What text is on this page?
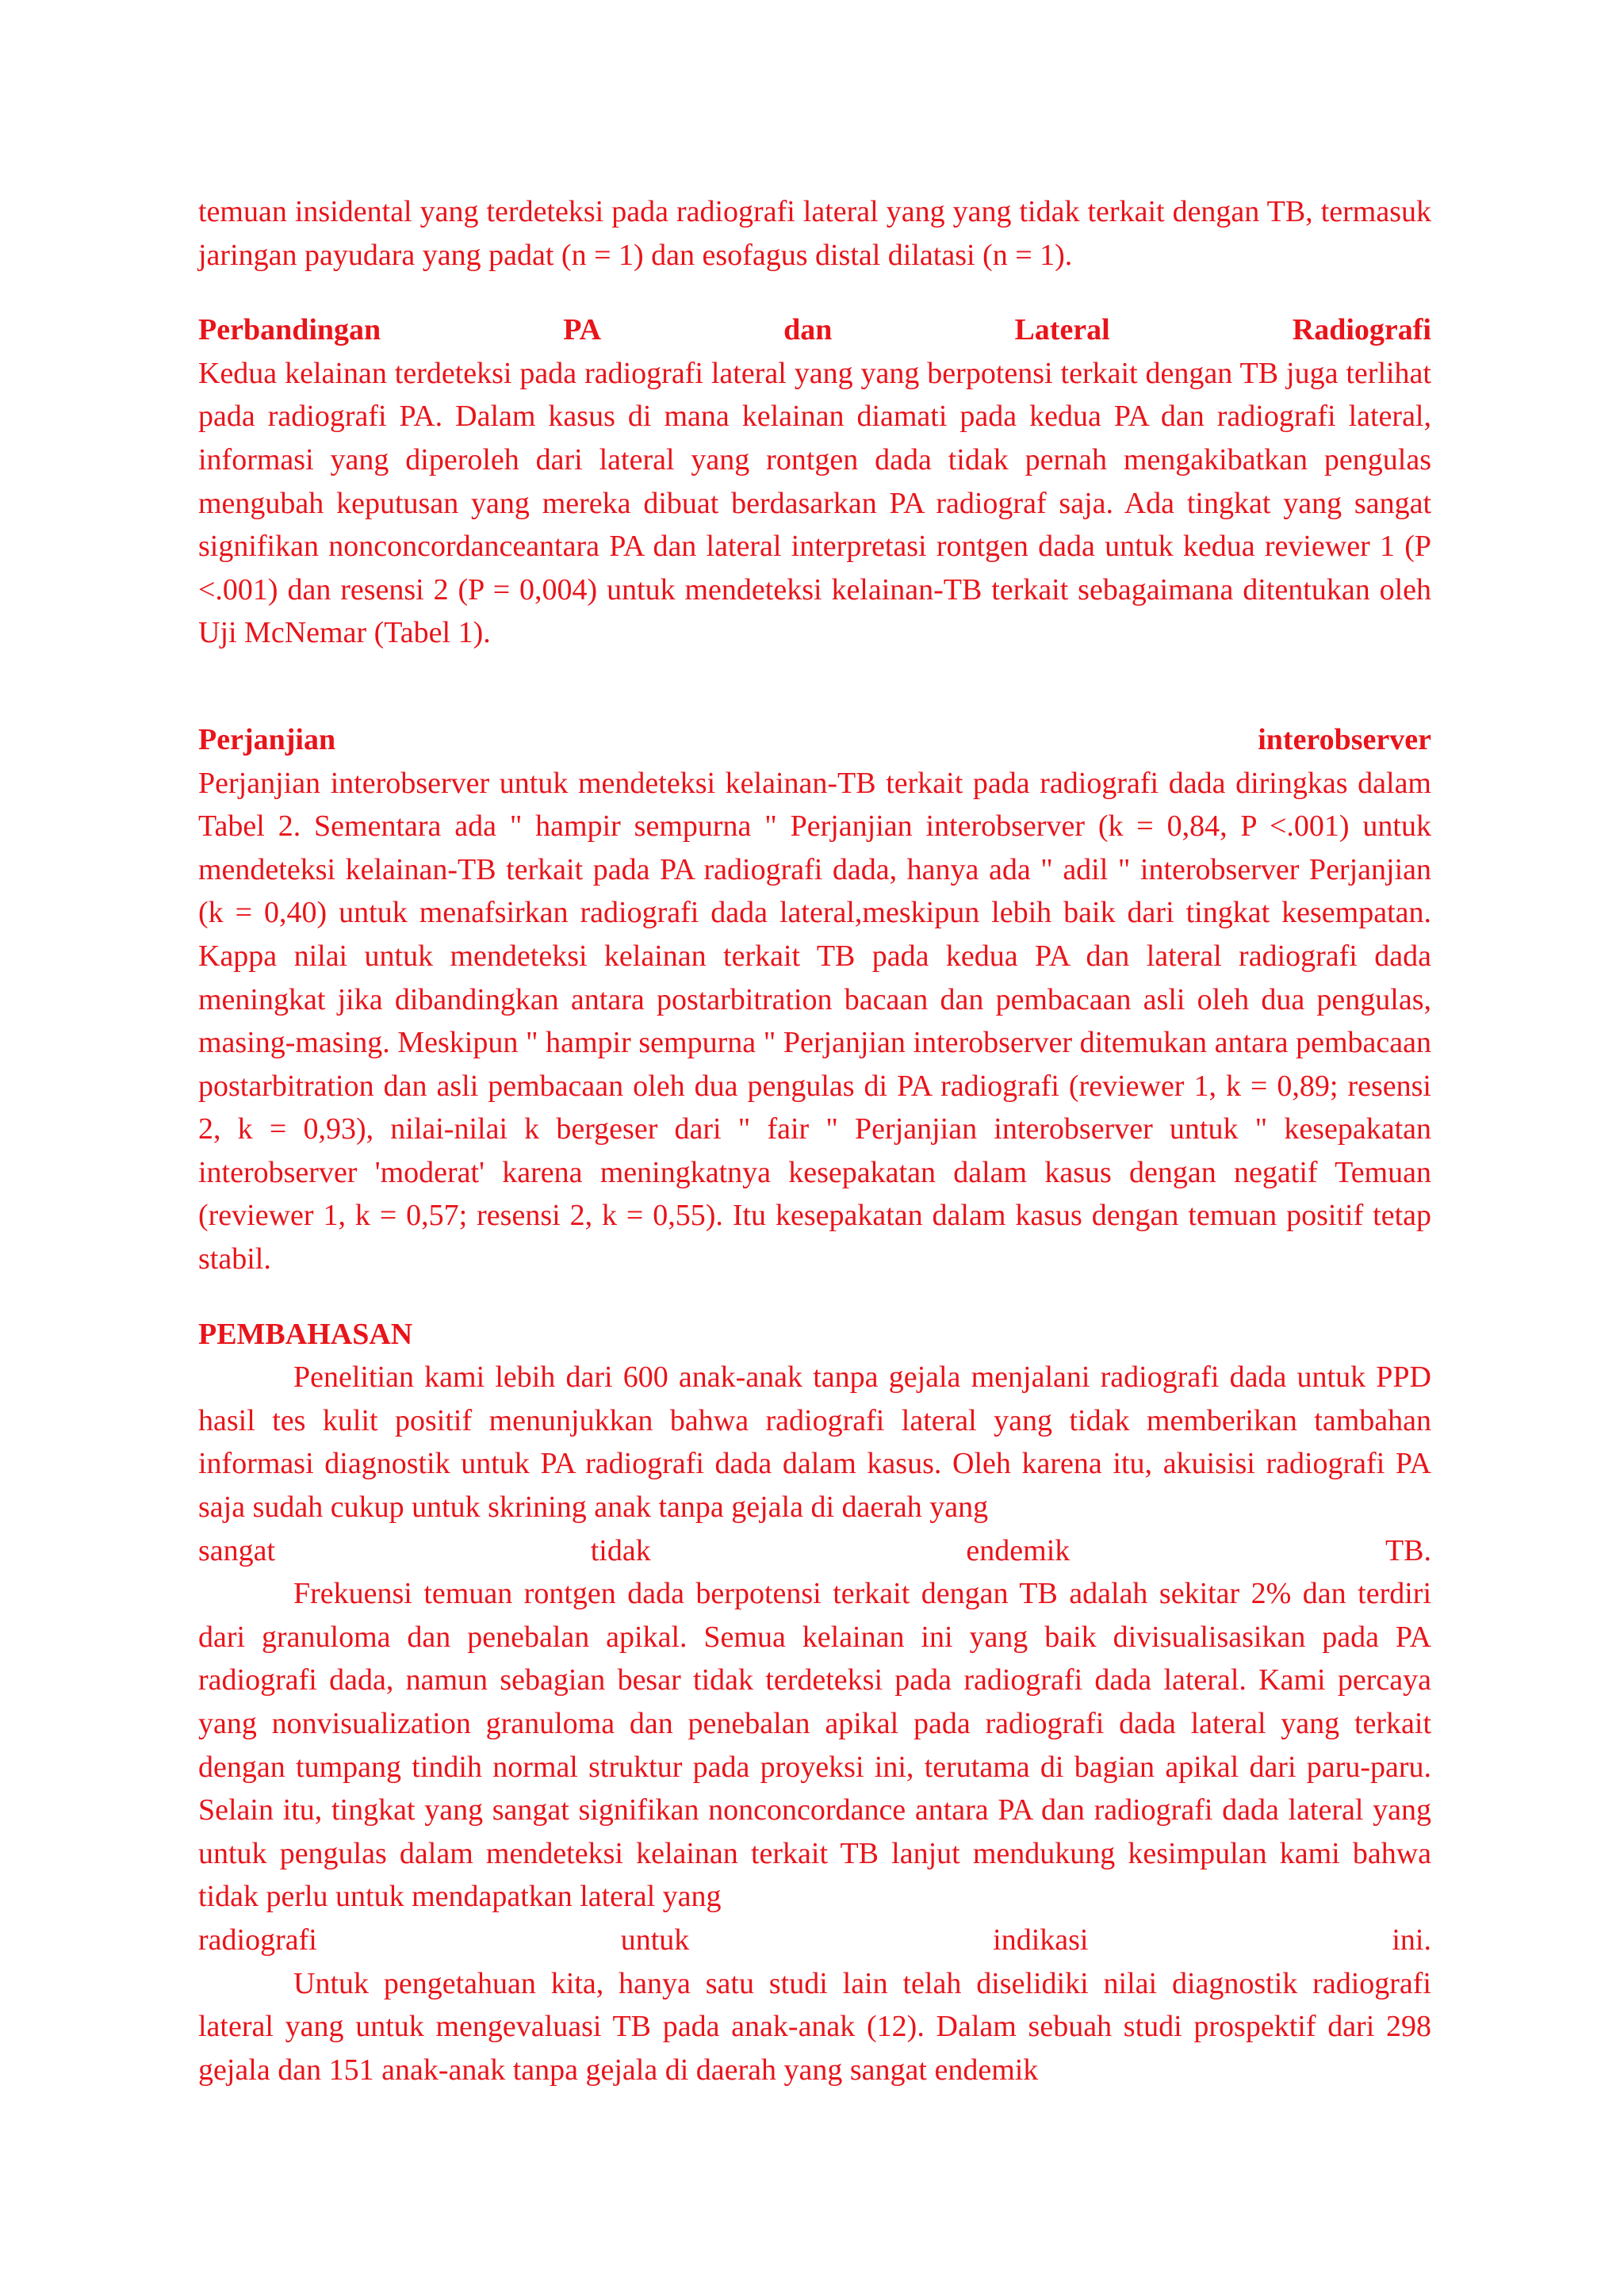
temuan insidental yang terdeteksi pada radiografi lateral yang yang tidak terkait dengan TB, termasuk jaringan payudara yang padat (n = 1) dan esofagus distal dilatasi (n = 1).

Perbandingan	PA	dan	Lateral	Radiografi

Kedua kelainan terdeteksi pada radiografi lateral yang yang berpotensi terkait dengan TB juga terlihat pada radiografi PA. Dalam kasus di mana kelainan diamati pada kedua PA dan radiografi lateral, informasi yang diperoleh dari lateral yang rontgen dada tidak pernah mengakibatkan pengulas mengubah keputusan yang mereka dibuat berdasarkan PA radiograf saja. Ada tingkat yang sangat signifikan nonconcordanceantara PA dan lateral interpretasi rontgen dada untuk kedua reviewer 1 (P <.001) dan resensi 2 (P = 0,004) untuk mendeteksi kelainan-TB terkait sebagaimana ditentukan oleh Uji McNemar (Tabel 1).

Perjanjian	interobserver

Perjanjian interobserver untuk mendeteksi kelainan-TB terkait pada radiografi dada diringkas dalam Tabel 2. Sementara ada " hampir sempurna " Perjanjian interobserver (k = 0,84, P <.001) untuk mendeteksi kelainan-TB terkait pada PA radiografi dada, hanya ada " adil " interobserver Perjanjian (k = 0,40) untuk menafsirkan radiografi dada lateral,meskipun lebih baik dari tingkat kesempatan. Kappa nilai untuk mendeteksi kelainan terkait TB pada kedua PA dan lateral radiografi dada meningkat jika dibandingkan antara postarbitration bacaan dan pembacaan asli oleh dua pengulas, masing-masing. Meskipun " hampir sempurna " Perjanjian interobserver ditemukan antara pembacaan postarbitration dan asli pembacaan oleh dua pengulas di PA radiografi (reviewer 1, k = 0,89; resensi 2, k = 0,93), nilai-nilai k bergeser dari " fair " Perjanjian interobserver untuk " kesepakatan interobserver 'moderat' karena meningkatnya kesepakatan dalam kasus dengan negatif Temuan (reviewer 1, k = 0,57; resensi 2, k = 0,55). Itu kesepakatan dalam kasus dengan temuan positif tetap stabil.

PEMBAHASAN

Penelitian kami lebih dari 600 anak-anak tanpa gejala menjalani radiografi dada untuk PPD hasil tes kulit positif menunjukkan bahwa radiografi lateral yang tidak memberikan tambahan informasi diagnostik untuk PA radiografi dada dalam kasus. Oleh karena itu, akuisisi radiografi PA saja sudah cukup untuk skrining anak tanpa gejala di daerah yang

sangat	tidak	endemik	TB.

Frekuensi temuan rontgen dada berpotensi terkait dengan TB adalah sekitar 2% dan terdiri dari granuloma dan penebalan apikal. Semua kelainan ini yang baik divisualisasikan pada PA radiografi dada, namun sebagian besar tidak terdeteksi pada radiografi dada lateral. Kami percaya yang nonvisualization granuloma dan penebalan apikal pada radiografi dada lateral yang terkait dengan tumpang tindih normal struktur pada proyeksi ini, terutama di bagian apikal dari paru-paru. Selain itu, tingkat yang sangat signifikan nonconcordance antara PA dan radiografi dada lateral yang untuk pengulas dalam mendeteksi kelainan terkait TB lanjut mendukung kesimpulan kami bahwa tidak perlu untuk mendapatkan lateral yang

radiografi	untuk	indikasi	ini.

Untuk pengetahuan kita, hanya satu studi lain telah diselidiki nilai diagnostik radiografi lateral yang untuk mengevaluasi TB pada anak-anak (12). Dalam sebuah studi prospektif dari 298 gejala dan 151 anak-anak tanpa gejala di daerah yang sangat endemik
